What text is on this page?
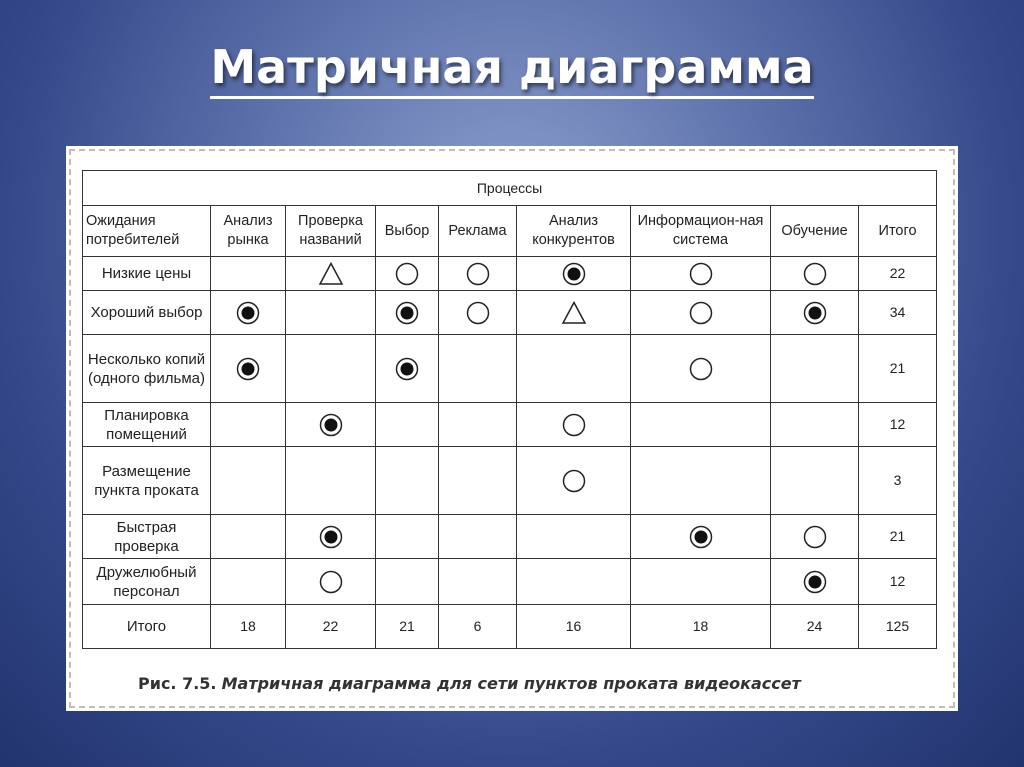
Матричная диаграмма
Процессы								
Ожидания потребителей	Анализ рынка	Проверка названий	Выбор	Реклама	Анализ конкурентов	Информацион-ная система	Обучение	Итого
Низкие цены								22
Хороший выбор								34
Несколько копий (одного фильма)								21
Планировка помещений								12
Размещение пункта проката								3
Быстрая проверка								21
Дружелюбный персонал								12
Итого	18	22	21	6	16	18	24	125
Рис. 7.5. Матричная диаграмма для сети пунктов проката видеокассет
